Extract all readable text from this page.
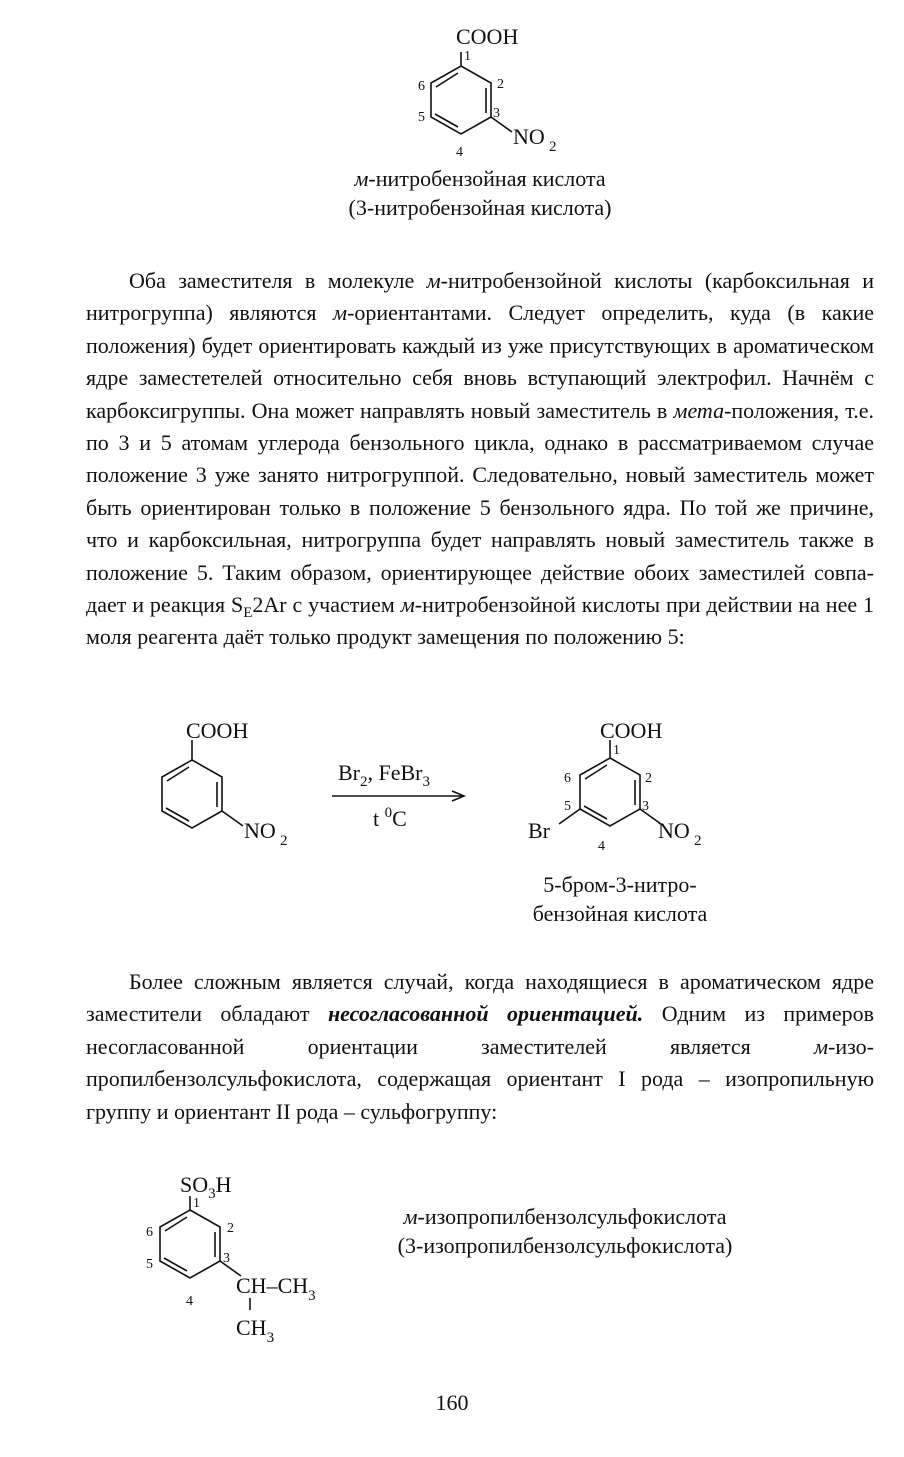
COOH
1
2
3
4
5
6
NO 2
м-нитробензойная кислота
(3-нитробензойная кислота)

Оба заместителя в молекуле м-нитробензойной кислоты (карбоксильная и нитрогруппа) являются м-ориентантами. Следует определить, куда (в какие положения) будет ориентировать каждый из уже присутствующих в ароматическом ядре заместетелей относительно себя вновь вступающий электрофил. Начнём с карбоксигруппы. Она может направлять новый заместитель в мета-положения, т.е. по 3 и 5 атомам углерода бензольного цикла, однако в рассматриваемом случае положение 3 уже занято нитрогруппой. Следовательно, новый заместитель может быть ориентирован только в положение 5 бензольного ядра. По той же причине, что и карбоксильная, нитрогруппа будет направлять новый заместитель также в положение 5. Таким образом, ориентирующее действие обоих заместилей совпадает и реакция $S_E2Ar$ с участием м-нитробензойной кислоты при действии на нее 1 моля реагента даёт только продукт замещения по положению 5:

COOH
NO 2
$Br_2$, FeBr$_3$
t $^0$C
COOH
1
2
3
4
5
6
Br	NO 2
5-бром-3-нитро-
бензойная кислота

Более сложным является случай, когда находящиеся в ароматическом ядре заместители обладают несогласованной ориентацией. Одним из примеров несогласованной ориентации заместителей является м-изопропилбензолсульфокислота, содержащая ориентант I рода – изопропильную группу и ориентант II рода – сульфогруппу:

$SO_3H$
1
2
3
4
5
6
$CH-CH_3$
$CH_3$
м-изопропилбензолсульфокислота
(3-изопропилбензолсульфокислота)
160
